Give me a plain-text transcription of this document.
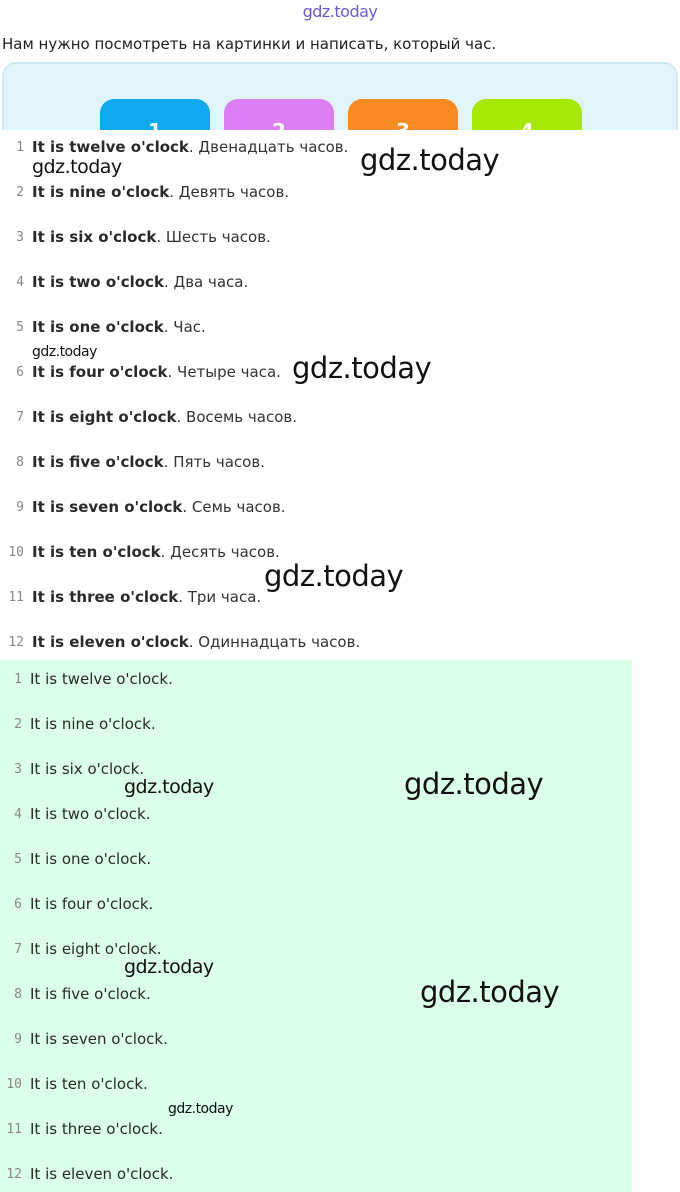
gdz.today
Нам нужно посмотреть на картинки и написать, который час.
1 It is twelve o'clock . Двенадцать часов.
2 It is nine o'clock . Девять часов.
3 It is six o'clock . Шесть часов.
4 It is two o'clock . Два часа.
5 It is one o'clock . Час.
6 It is four o'clock . Четыре часа.
7 It is eight o'clock . Восемь часов.
8 It is five o'clock . Пять часов.
9 It is seven o'clock . Семь часов.
10 It is ten o'clock . Десять часов.
11 It is three o'clock . Три часа.
12 It is eleven o'clock . Одиннадцать часов.
1 It is twelve o'clock.
2 It is nine o'clock.
3 It is six o'clock.
4 It is two o'clock.
5 It is one o'clock.
6 It is four o'clock.
7 It is eight o'clock.
8 It is five o'clock.
9 It is seven o'clock.
10 It is ten o'clock.
11 It is three o'clock.
12 It is eleven o'clock.
gdz.today
gdz.today
gdz.today	gdz.today
gdz.today
gdz.today
gdz.today
gdz.today
gdz.today
gdz.today
